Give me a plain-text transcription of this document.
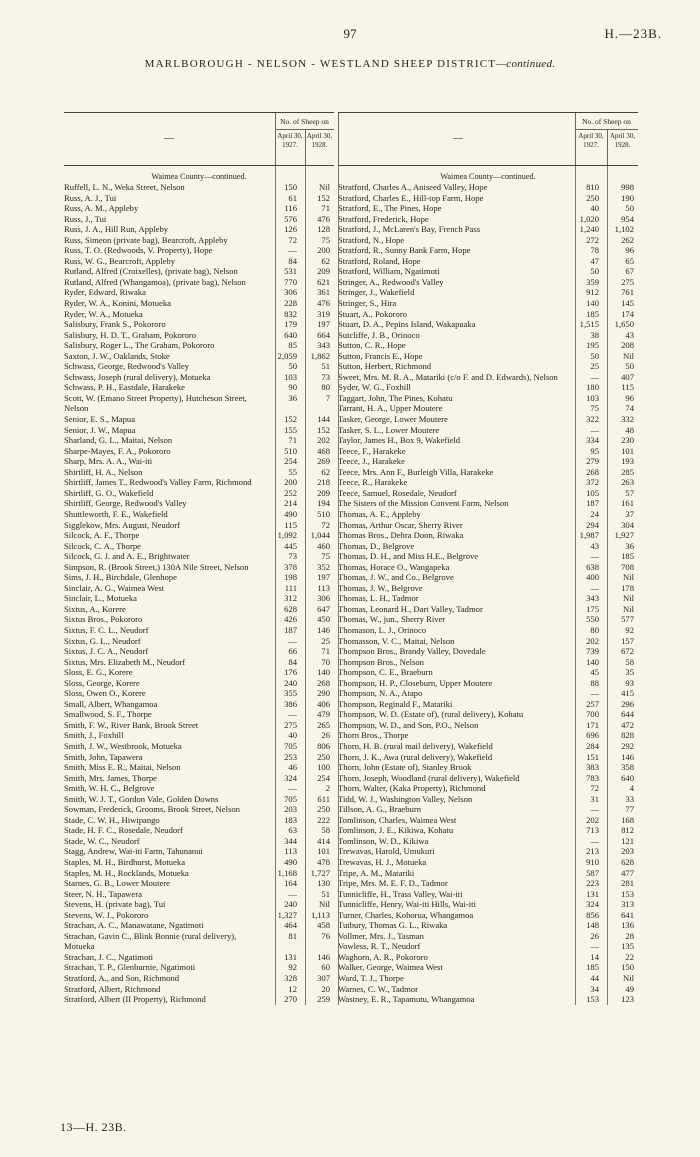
97	H.—23B.
MARLBOROUGH - NELSON - WESTLAND SHEEP DISTRICT—continued.
—
No. of Sheep on
April 30, 1927.
April 30, 1928.
Waimea County—continued.
Ruffell, L. N., Weka Street, Nelson	150	Nil
Russ, A. J., Tui	61	152
Russ, A. M., Appleby	116	71
Russ, J., Tui	576	476
Russ, J. A., Hill Run, Appleby	126	128
Russ, Simeon (private bag), Bearcroft, Appleby	72	75
Russ, T. O. (Redwoods, V. Property), Hope	—	200
Russ, W. G., Bearcroft, Appleby	84	62
Rutland, Alfred (Croixelles), (private bag), Nelson	531	209
Rutland, Alfred (Whangamoa), (private bag), Nelson	770	621
Ryder, Edward, Riwaka	306	361
Ryder, W. A., Konini, Motueka	228	476
Ryder, W. A., Motueka	832	319
Salisbury, Frank S., Pokororo	179	197
Salisbury, H. D. T., Graham, Pokororo	640	664
Salisbury, Roger L., The Graham, Pokororo	85	343
Saxton, J. W., Oaklands, Stoke	2,059	1,862
Schwass, George, Redwood's Valley	50	51
Schwass, Joseph (rural delivery), Motueka	103	73
Schwass, P. H., Eastdale, Harakeke	90	80
Scott, W. (Emano Street Property), Hutcheson Street, Nelson
36	7
Senior, E. S., Mapua	152	144
Senior, J. W., Mapua	155	152
Sharland, G. L., Maitai, Nelson	71	202
Sharpe-Mayes, F. A., Pokororo	510	468
Sharp, Mrs. A. A., Wai-iti	254	269
Shirtliff, H. A., Nelson	55	62
Shirtliff, James T., Redwood's Valley Farm, Richmond	200	218
Shirtliff, G. O., Wakefield	252	209
Shirtliff, George, Redwood's Valley	214	194
Shuttleworth, F. E., Wakefield	490	510
Sigglekow, Mrs. August, Neudorf	115	72
Silcock, A. F., Thorpe	1,092	1,044
Silcock, C. A., Thorpe	445	460
Silcock, G. J. and A. E., Brightwater	73	75
Simpson, R. (Brook Street,) 130A Nile Street, Nelson	378	352
Sims, J. H., Birchdale, Glenhope	198	197
Sinclair, A. G., Waimea West	111	113
Sinclair, L., Motueka	312	306
Sixtus, A., Korere	628	647
Sixtus Bros., Pokororo	426	450
Sixtus, F. C. L., Neudorf	187	146
Sixtus, G. L., Neudorf	—	25
Sixtus, J. C. A., Neudorf	66	71
Sixtus, Mrs. Elizabeth M., Neudorf	84	70
Sloss, E. G., Korere	176	140
Sloss, George, Korere	240	268
Sloss, Owen O., Korere	355	290
Small, Albert, Whangamoa	386	406
Smallwood, S. F., Thorpe	—	479
Smith, F. W., River Bank, Brook Street	275	265
Smith, J., Foxhill	40	26
Smith, J. W., Westbrook, Motueka	705	806
Smith, John, Tapawera	253	250
Smith, Miss E. R., Maitai, Nelson	46	100
Smith, Mrs. James, Thorpe	324	254
Smith, W. H. C., Belgrove	—	2
Smith, W. J. T., Gordon Vale, Golden Downs	705	611
Sowman, Frederick, Grooms, Brook Street, Nelson	203	250
Stade, C. W. H., Hiwipango	183	222
Stade, H. F. C., Rosedale, Neudorf	63	58
Stade, W. C., Neudorf	344	414
Stagg, Andrew, Wai-iti Farm, Tahunanui	113	101
Staples, M. H., Birdhurst, Motueka	490	478
Staples, M. H., Rocklands, Motueka	1,168	1,727
Starnes, G. B., Lower Moutere	164	130
Steer, N. H., Tapawera	—	51
Stevens, H. (private bag), Tui	240	Nil
Stevens, W. J., Pokororo	1,327	1,113
Strachan, A. C., Manawatane, Ngatimoti	464	458
Strachan, Gavin C., Blink Bonnie (rural delivery), Motueka
81	76
Strachan, J. C., Ngatimoti	131	146
Strachan, T. P., Glenburnie, Ngatimoti	92	60
Stratford, A., and Son, Richmond	328	307
Stratford, Albert, Richmond	12	20
Stratford, Albert (II Property), Richmond	270	259
—
No. of Sheep on
April 30, 1927.
April 30, 1928.
Waimea County—continued.
Stratford, Charles A., Aniseed Valley, Hope	810	998
Stratford, Charles E., Hill-top Farm, Hope	250	190
Stratford, E., The Pines, Hope	40	50
Stratford, Frederick, Hope	1,020	954
Stratford, J., McLaren's Bay, French Pass	1,240	1,102
Stratford, N., Hope	272	262
Stratford, R., Sunny Bank Farm, Hope	78	96
Stratford, Roland, Hope	47	65
Stratford, William, Ngatimoti	50	67
Stringer, A., Redwood's Valley	359	275
Stringer, J., Wakefield	912	761
Stringer, S., Hira	140	145
Stuart, A., Pokororo	185	174
Stuart, D. A., Pepins Island, Wakapuaka	1,515	1,650
Sutcliffe, J. B., Orinoco	38	43
Sutton, C. R., Hope	195	208
Sutton, Francis E., Hope	50	Nil
Sutton, Herbert, Richmond	25	50
Sweet, Mrs. M. R. A., Matariki (c/o F. and D. Edwards), Nelson	—	407
Syder, W. G., Foxhill	180	115
Taggart, John, The Pines, Kohatu	103	96
Tarrant, H. A., Upper Moutere	75	74
Tasker, George, Lower Moutere	322	332
Tasker, S. L., Lower Moutere	—	48
Taylor, James H., Box 9, Wakefield	334	230
Teece, F., Harakeke	95	101
Teece, J., Harakeke	279	193
Teece, Mrs. Ann F., Burleigh Villa, Harakeke	268	285
Teece, R., Harakeke	372	263
Teece, Samuel, Rosedale, Neudorf	105	57
The Sisters of the Mission Convent Farm, Nelson	187	161
Thomas, A. E., Appleby	24	37
Thomas, Arthur Oscar, Sherry River	294	304
Thomas Bros., Dehra Doon, Riwaka	1,987	1,927
Thomas, D., Belgrove	43	36
Thomas, D. H., and Miss H.E., Belgrove	—	185
Thomas, Horace O., Wangapeka	638	708
Thomas, J. W., and Co., Belgrove	400	Nil
Thomas, J. W., Belgrove	—	178
Thomas, L. H., Tadmor	343	Nil
Thomas, Leonard H., Dart Valley, Tadmor	175	Nil
Thomas, W., jun., Sherry River	550	577
Thomason, L. J., Orinoco	80	92
Thomasson, V. C., Maitai, Nelson	202	157
Thompson Bros., Brandy Valley, Dovedale	739	672
Thompson Bros., Nelson	140	58
Thompson, C. E., Braeburn	45	35
Thompson, H. P., Closeburn, Upper Moutere	88	93
Thompson, N. A., Atapo	—	415
Thompson, Reginald F., Matariki	257	296
Thompson, W. D. (Estate of), (rural delivery), Kohatu	700	644
Thompson, W. D., and Son, P.O., Nelson	171	472
Thorn Bros., Thorpe	696	828
Thorn, H. B. (rural mail delivery), Wakefield	284	292
Thorn, J. K., Awa (rural delivery), Wakefield	151	146
Thorn, John (Estate of), Stanley Brook	383	358
Thorn, Joseph, Woodland (rural delivery), Wakefield	783	640
Thorn, Walter, (Kaka Property), Richmond	72	4
Tidd, W. J., Washington Valley, Nelson	31	33
Tillson, A. G., Braeburn	—	77
Tomlinson, Charles, Waimea West	202	168
Tomlinson, J. E., Kikiwa, Kohatu	713	812
Tomlinson, W. D., Kikiwa	—	121
Trewavas, Harold, Umukuri	213	203
Trewavas, H. J., Motueka	910	628
Tripe, A. M., Matariki	587	477
Tripe, Mrs. M. E. F. D., Tadmor	223	281
Tunnicliffe, H., Trass Valley, Wai-iti	131	153
Tunnicliffe, Henry, Wai-iti Hills, Wai-iti	324	313
Turner, Charles, Kohorua, Whangamoa	856	641
Tutbury, Thomas G. L., Riwaka	148	136
Vollmer, Mrs. J., Tasman	26	28
Vowless, R. T., Neudorf	—	135
Waghorn, A. R., Pokororo	14	22
Walker, George, Waimea West	185	150
Ward, T. J., Thorpe	44	Nil
Warnes, C. W., Tadmor	34	49
Wastney, E. R., Tapamutu, Whangamoa	153	123
13—H. 23B.
